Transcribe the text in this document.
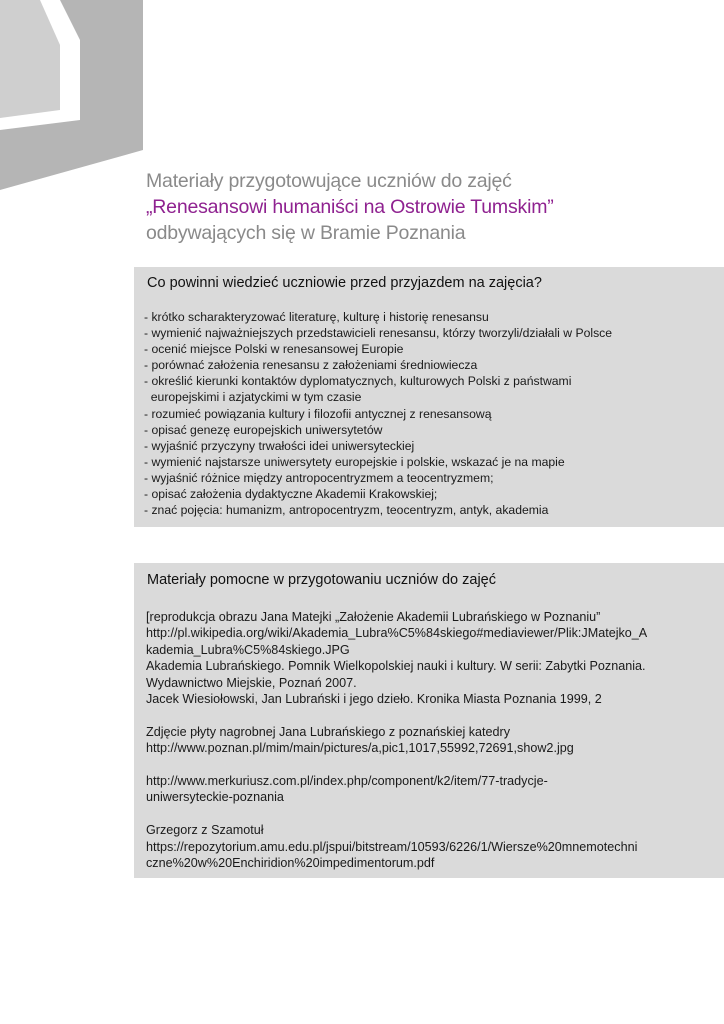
Materiały przygotowujące uczniów do zajęć
„Renesansowi humaniści na Ostrowie Tumskim”
odbywających się w Bramie Poznania
Co powinni wiedzieć uczniowie przed przyjazdem na zajęcia?
- krótko scharakteryzować literaturę, kulturę i historię renesansu
- wymienić najważniejszych przedstawicieli renesansu, którzy tworzyli/działali w Polsce
- ocenić miejsce Polski w renesansowej Europie
- porównać założenia renesansu z założeniami średniowiecza
- określić kierunki kontaktów dyplomatycznych, kulturowych Polski z państwami
europejskimi i azjatyckimi w tym czasie
- rozumieć powiązania kultury i filozofii antycznej z renesansową
- opisać genezę europejskich uniwersytetów
- wyjaśnić przyczyny trwałości idei uniwersyteckiej
- wymienić najstarsze uniwersytety europejskie i polskie, wskazać je na mapie
- wyjaśnić różnice między antropocentryzmem a teocentryzmem;
- opisać założenia dydaktyczne Akademii Krakowskiej;
- znać pojęcia: humanizm, antropocentryzm, teocentryzm, antyk, akademia
Materiały pomocne w przygotowaniu uczniów do zajęć
[reprodukcja obrazu Jana Matejki „Założenie Akademii Lubrańskiego w Poznaniu”
http://pl.wikipedia.org/wiki/Akademia_Lubra%C5%84skiego#mediaviewer/Plik:JMatejko_A
kademia_Lubra%C5%84skiego.JPG
Akademia Lubrańskiego. Pomnik Wielkopolskiej nauki i kultury. W serii: Zabytki Poznania.
Wydawnictwo Miejskie, Poznań 2007.
Jacek Wiesiołowski, Jan Lubrański i jego dzieło. Kronika Miasta Poznania 1999, 2
Zdjęcie płyty nagrobnej Jana Lubrańskiego z poznańskiej katedry
http://www.poznan.pl/mim/main/pictures/a,pic1,1017,55992,72691,show2.jpg
http://www.merkuriusz.com.pl/index.php/component/k2/item/77-tradycje-
uniwersyteckie-poznania
Grzegorz z Szamotuł
https://repozytorium.amu.edu.pl/jspui/bitstream/10593/6226/1/Wiersze%20mnemotechni
czne%20w%20Enchiridion%20impedimentorum.pdf
